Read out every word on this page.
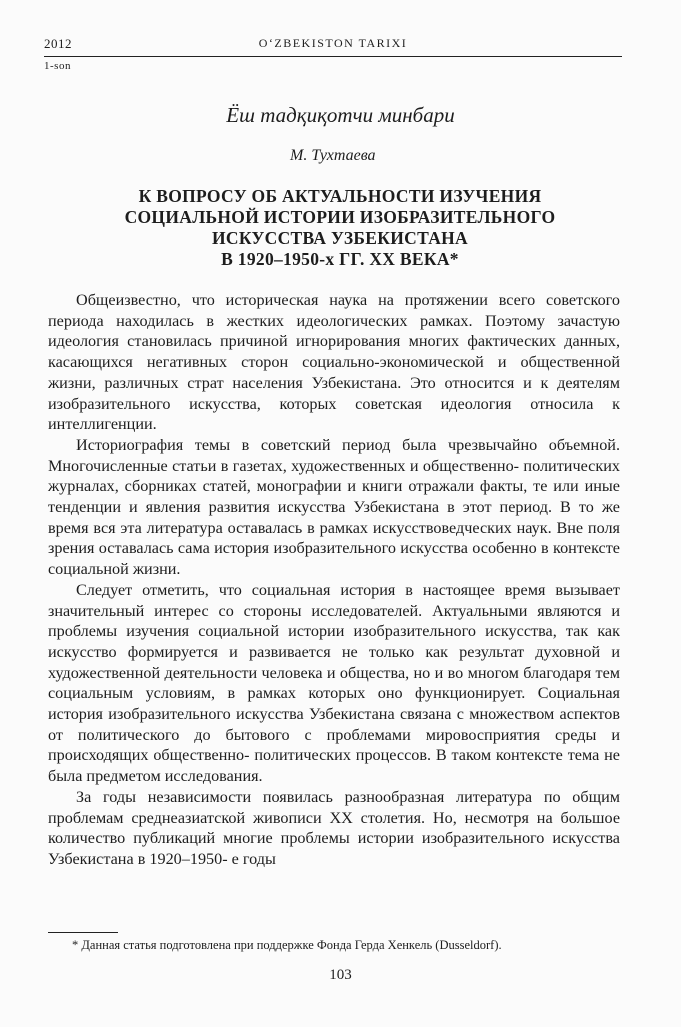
2012	O‘ZBEKISTON TARIXI
1-son
Ёш тадқиқотчи минбари
М. Тухтаева
К ВОПРОСУ ОБ АКТУАЛЬНОСТИ ИЗУЧЕНИЯ
СОЦИАЛЬНОЙ ИСТОРИИ ИЗОБРАЗИТЕЛЬНОГО
ИСКУССТВА УЗБЕКИСТАНА
В 1920–1950-х ГГ. XX ВЕКА*

Общеизвестно, что историческая наука на протяжении всего советского периода находилась в жестких идеологических рамках. Поэтому зачастую идеология становилась причиной игнорирования многих фактических данных, касающихся негативных сторон социально-экономической и общественной жизни, различных страт населения Узбекистана. Это относится и к деятелям изобразительного искусства, которых советская идеология относила к интеллигенции.

Историография темы в советский период была чрезвычайно объемной. Многочисленные статьи в газетах, художественных и общественно- политических журналах, сборниках статей, монографии и книги отражали факты, те или иные тенденции и явления развития искусства Узбекистана в этот период. В то же время вся эта литература оставалась в рамках искусствоведческих наук. Вне поля зрения оставалась сама история изобразительного искусства особенно в контексте социальной жизни.

Следует отметить, что социальная история в настоящее время вызывает значительный интерес со стороны исследователей. Актуальными являются и проблемы изучения социальной истории изобразительного искусства, так как искусство формируется и развивается не только как результат духовной и художественной деятельности человека и общества, но и во многом благодаря тем социальным условиям, в рамках которых оно функционирует. Социальная история изобразительного искусства Узбекистана связана с множеством аспектов от политического до бытового с проблемами мировосприятия среды и происходящих общественно- политических процессов. В таком контексте тема не была предметом исследования.

За годы независимости появилась разнообразная литература по общим проблемам среднеазиатской живописи XX столетия. Но, несмотря на большое количество публикаций многие проблемы истории изобразительного искусства Узбекистана в 1920–1950- е годы

* Данная статья подготовлена при поддержке Фонда Герда Хенкель (Dusseldorf).
103
